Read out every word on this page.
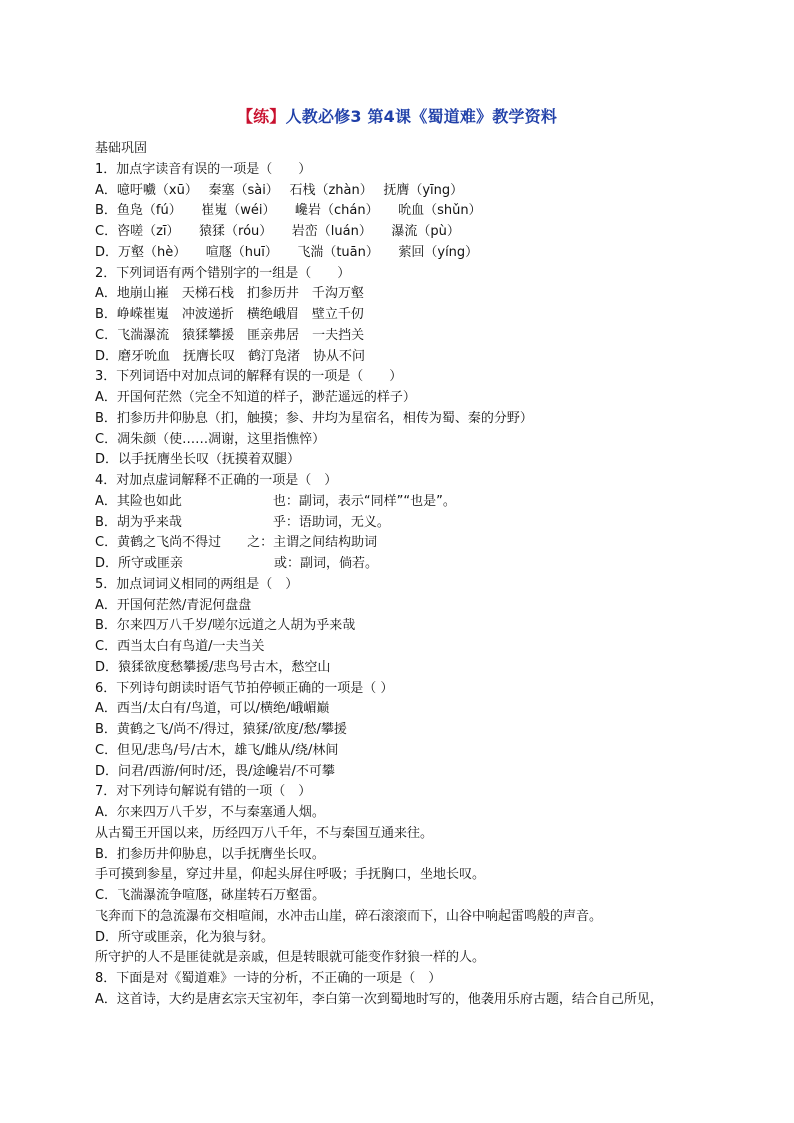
【练】人教必修3 第4课《蜀道难》教学资料
基础巩固
1．加点字读音有误的一项是（　　）
A．噫吁嚱（xū）　 秦塞（sài）　 石栈（zhàn）　 抚膺（yīng）
B．鱼凫（fú）　　崔嵬（wéi）　　巉岩（chán）　　吮血（shǔn）
C．咨嗟（zī）　　猿猱（róu）　　岩峦（luán）　　瀑流（pù）
D．万壑（hè）　　喧豗（huī）　　飞湍（tuān）　　萦回（yíng）
2．下列词语有两个错别字的一组是（　　）
A．地崩山嶊　天梯石栈　扪参历井　千沟万壑
B．峥嵘崔嵬　冲波递折　横绝峨眉　壁立千仞
C．飞湍瀑流　猿猱攀援　匪亲弗居　一夫挡关
D．磨牙吮血　抚膺长叹　鹤汀凫渚　协从不问
3．下列词语中对加点词的解释有误的一项是（　　）
A．开国何茫然（完全不知道的样子，渺茫遥远的样子）
B．扪参历井仰胁息（扪，触摸；参、井均为星宿名，相传为蜀、秦的分野）
C．凋朱颜（使……凋谢，这里指憔悴）
D．以手抚膺坐长叹（抚摸着双腿）
4．对加点虚词解释不正确的一项是（　）
A．其险也如此　　　　　　　也：副词，表示“同样”“也是”。
B．胡为乎来哉　　　　　　　乎：语助词，无义。
C．黄鹤之飞尚不得过　　之：主谓之间结构助词
D．所守或匪亲　　　　　　　或：副词，倘若。
5．加点词词义相同的两组是（　）
A．开国何茫然/青泥何盘盘
B．尔来四万八千岁/嗟尔远道之人胡为乎来哉
C．西当太白有鸟道/一夫当关
D．猿猱欲度愁攀援/悲鸟号古木，愁空山
6．下列诗句朗读时语气节拍停顿正确的一项是（ ）
A．西当/太白有/鸟道，可以/横绝/峨嵋巅
B．黄鹤之飞/尚不/得过，猿猱/欲度/愁/攀援
C．但见/悲鸟/号/古木，雄飞/雌从/绕/林间
D．问君/西游/何时/还，畏/途巉岩/不可攀
7．对下列诗句解说有错的一项（　）
A．尔来四万八千岁，不与秦塞通人烟。
从古蜀王开国以来，历经四万八千年，不与秦国互通来往。
B．扪参历井仰胁息，以手抚膺坐长叹。
手可摸到参星，穿过井星，仰起头屏住呼吸；手抚胸口，坐地长叹。
C．飞湍瀑流争喧豗，砯崖转石万壑雷。
飞奔而下的急流瀑布交相喧闹，水冲击山崖，碎石滚滚而下，山谷中响起雷鸣般的声音。
D．所守或匪亲，化为狼与豺。
所守护的人不是匪徒就是亲戚，但是转眼就可能变作豺狼一样的人。
8．下面是对《蜀道难》一诗的分析，不正确的一项是（　）
A．这首诗，大约是唐玄宗天宝初年，李白第一次到蜀地时写的，他袭用乐府古题，结合自己所见，
